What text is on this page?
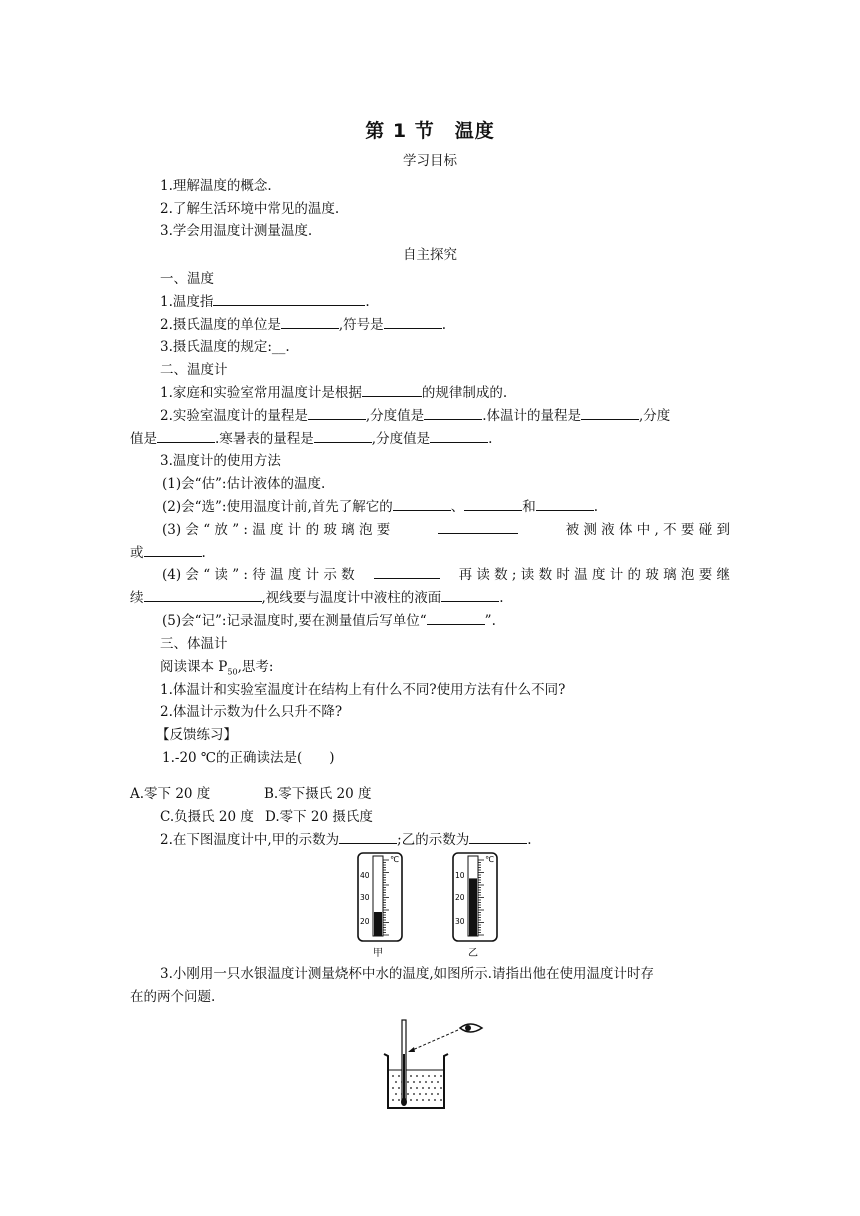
第 1 节　温度
学习目标
1.理解温度的概念.
2.了解生活环境中常见的温度.
3.学会用温度计测量温度.
自主探究
一、温度
1.温度指	.
2.摄氏温度的单位是	,符号是	.
3.摄氏温度的规定:__.
二、温度计
1.家庭和实验室常用温度计是根据	的规律制成的.
2.实验室温度计的量程是	,分度值是	.体温计的量程是	,分度
值是	.寒暑表的量程是	,分度值是	.
3.温度计的使用方法
(1)会“估”:估计液体的温度.
(2)会“选”:使用温度计前,首先了解它的	、	和	.
(3) 会 “ 放 ” : 温 度 计 的 玻 璃 泡 要	被 测 液 体 中 , 不 要 碰 到
或	.
(4) 会 “ 读 ” : 待 温 度 计 示 数	再 读 数 ; 读 数 时 温 度 计 的 玻 璃 泡 要 继
续	,视线要与温度计中液柱的液面	.
(5)会“记”:记录温度时,要在测量值后写单位“	”.
三、体温计
阅读课本 $P_{50}$,思考:
1.体温计和实验室温度计在结构上有什么不同?使用方法有什么不同?
2.体温计示数为什么只升不降?
【反馈练习】
1.-20 ℃的正确读法是(　　)
A.零下 20 度	B.零下摄氏 20 度
C.负摄氏 20 度 D.零下 20 摄氏度
2.在下图温度计中,甲的示数为	;乙的示数为	.
℃
40
30
20
甲
℃
10
20
30
乙
3.小刚用一只水银温度计测量烧杯中水的温度,如图所示.请指出他在使用温度计时存
在的两个问题.
